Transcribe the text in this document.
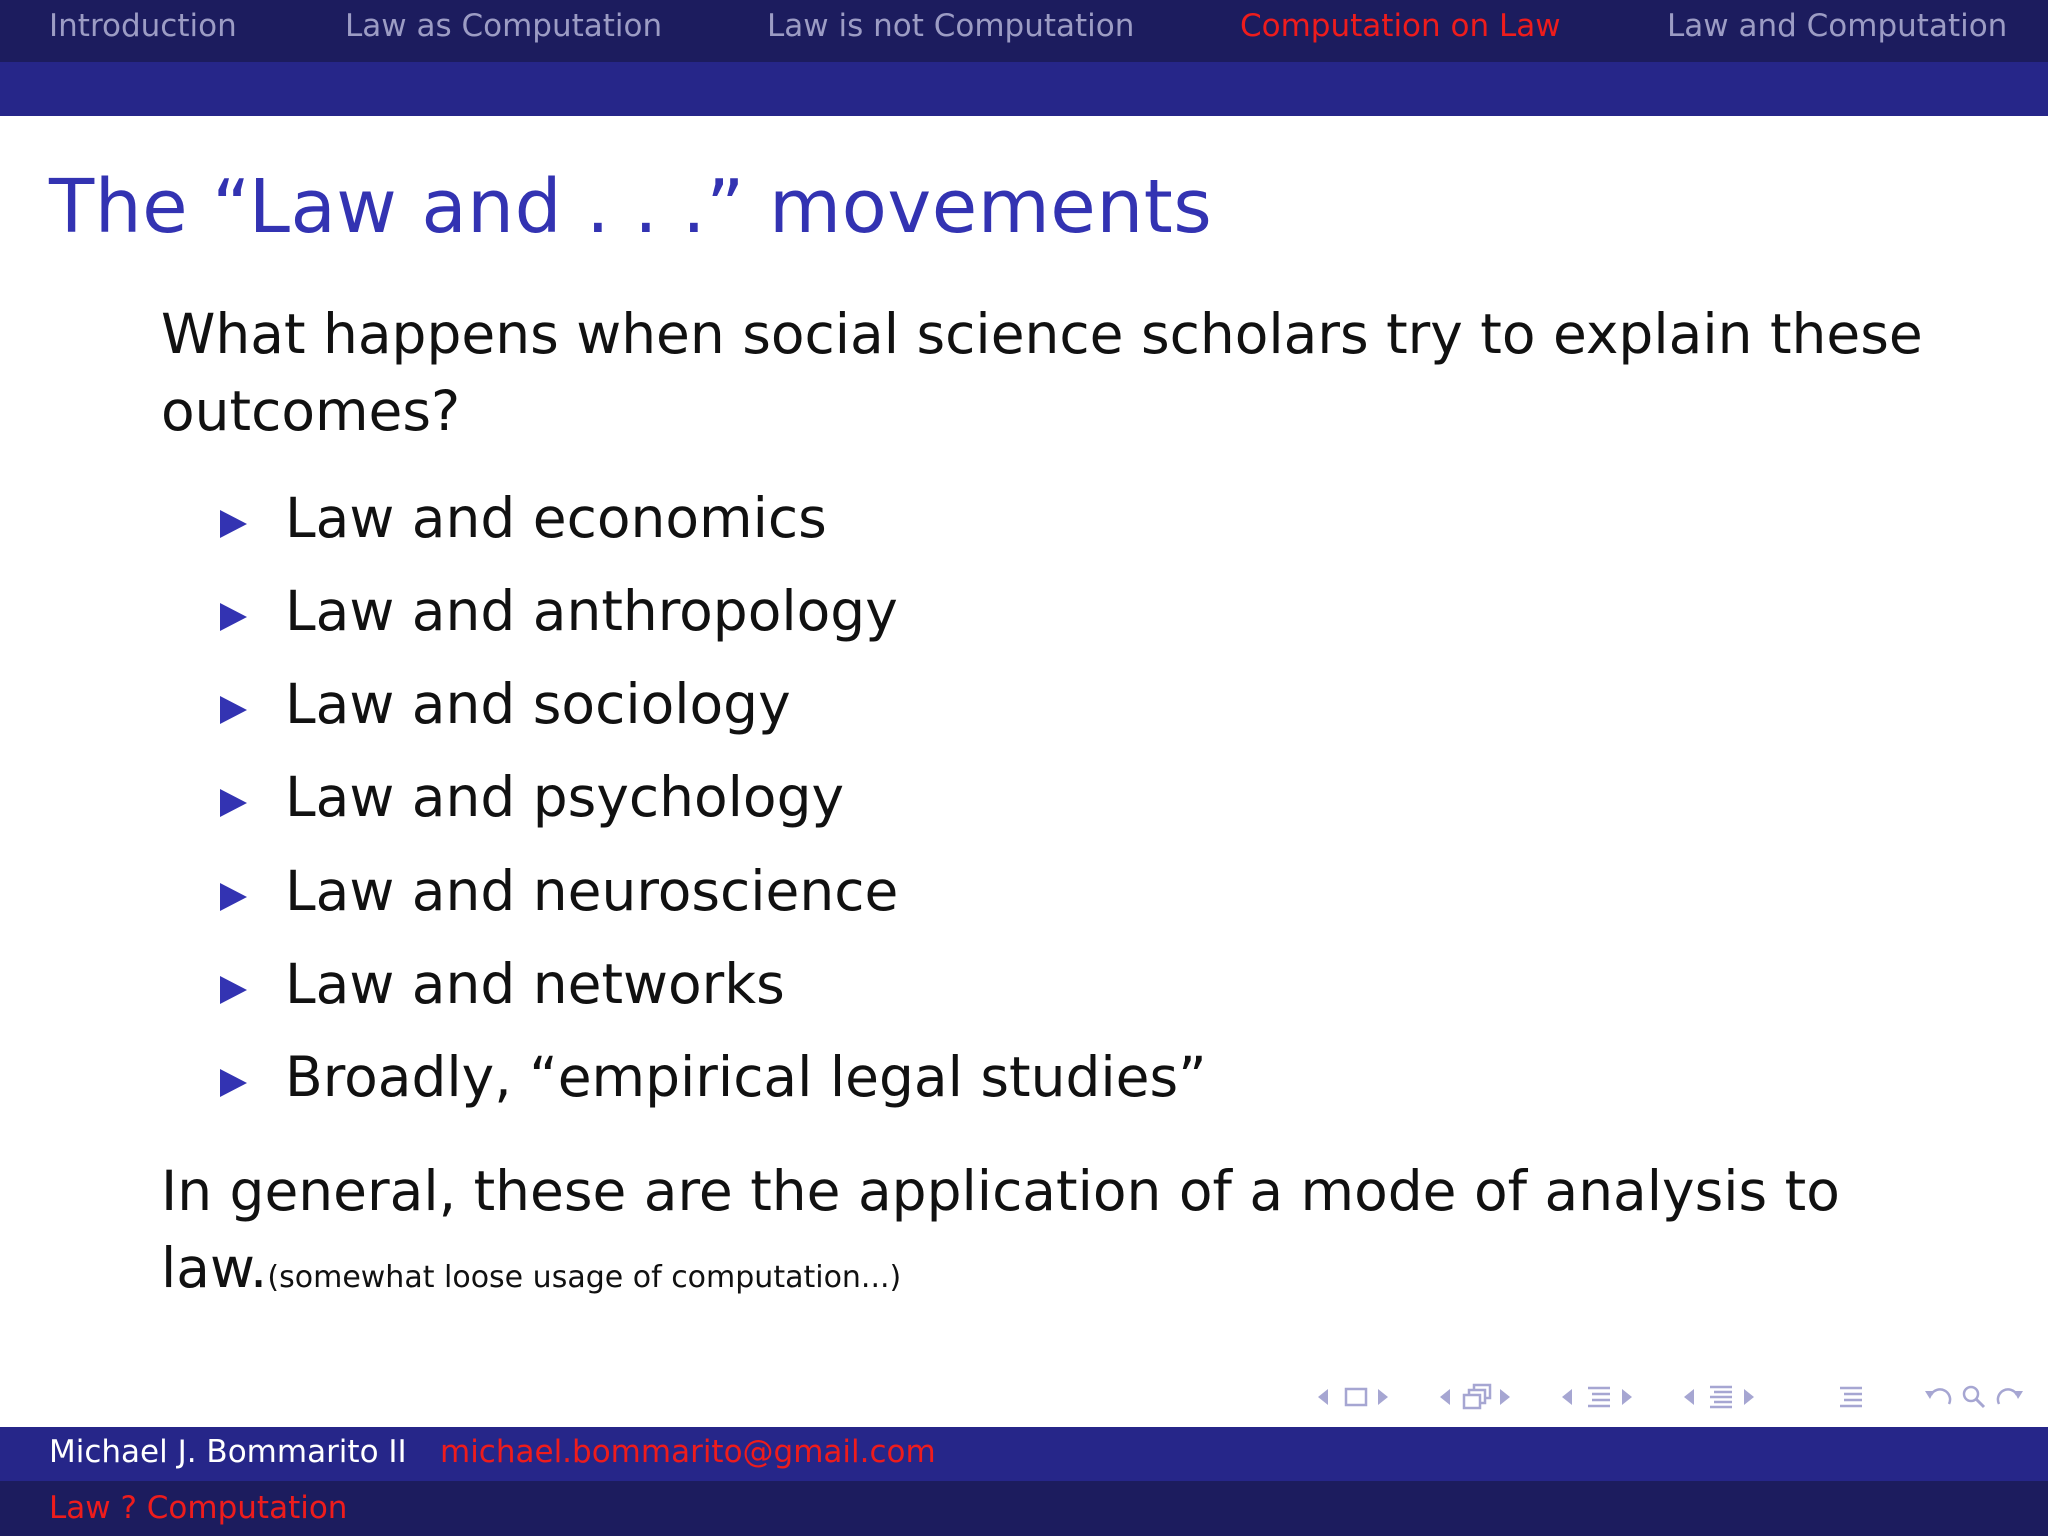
Introduction	Law as Computation	Law is not Computation	Computation on Law	Law and Computation
The “Law and . . .” movements
What happens when social science scholars try to explain these
outcomes?
Law and economics
Law and anthropology
Law and sociology
Law and psychology
Law and neuroscience
Law and networks
Broadly, “empirical legal studies”
In general, these are the application of a mode of analysis to
law.(somewhat loose usage of computation...)
Michael J. Bommarito II michael.bommarito@gmail.com
Law ? Computation
